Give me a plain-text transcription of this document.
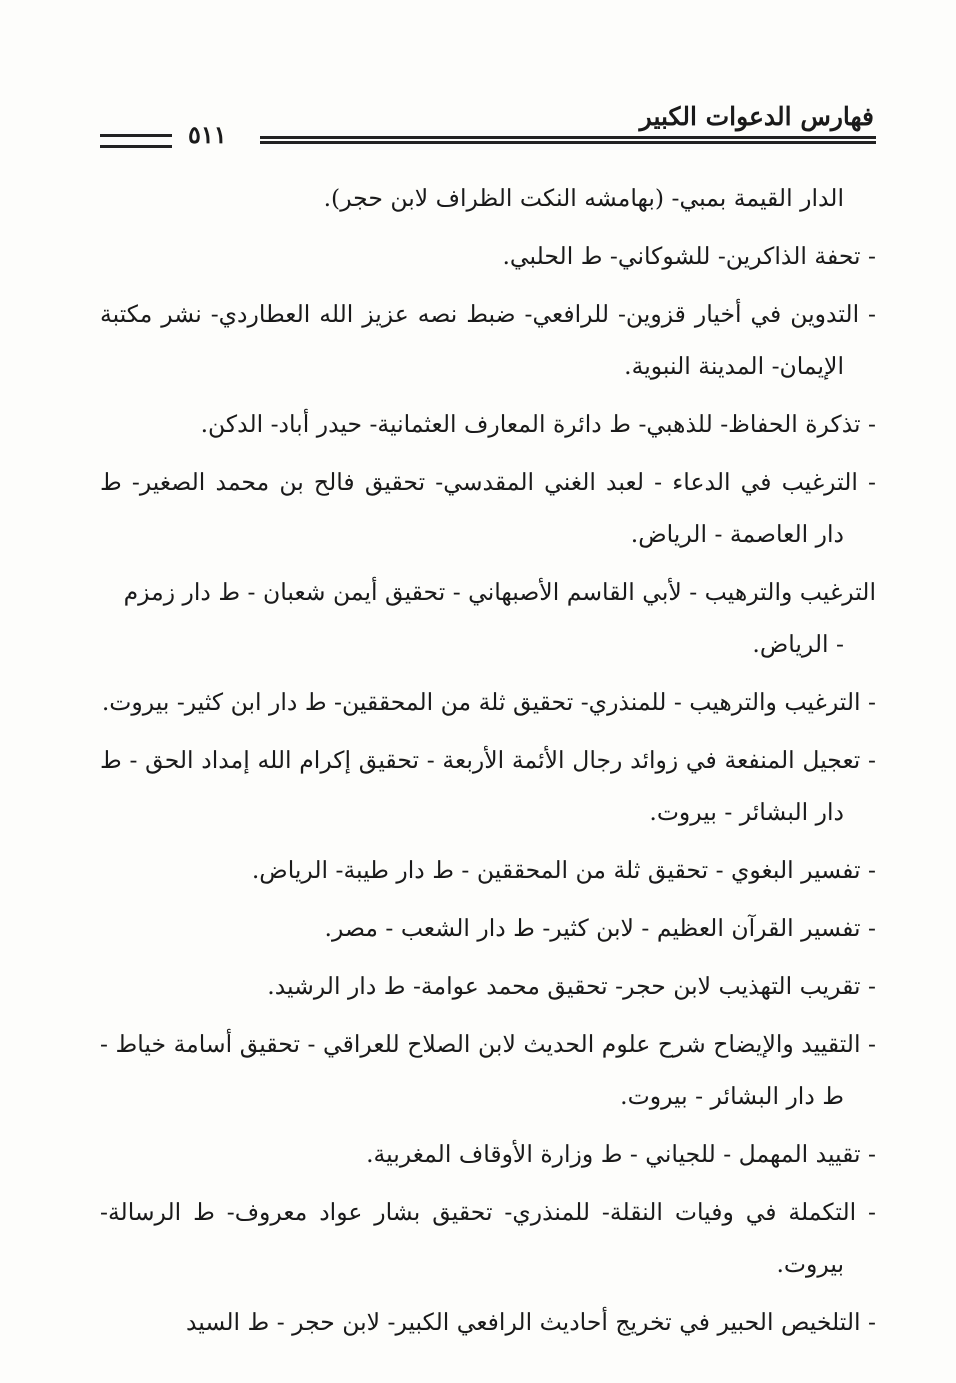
فهارس الدعوات الكبير
٥١١

الدار القيمة بمبي- (بهامشه النكت الظراف لابن حجر).

- تحفة الذاكرين- للشوكاني- ط الحلبي.

- التدوين في أخيار قزوين- للرافعي- ضبط نصه عزيز الله العطاردي- نشر مكتبة الإيمان- المدينة النبوية.

- تذكرة الحفاظ- للذهبي- ط دائرة المعارف العثمانية- حيدر أباد- الدكن.

- الترغيب في الدعاء - لعبد الغني المقدسي- تحقيق فالح بن محمد الصغير- ط دار العاصمة - الرياض.

الترغيب والترهيب - لأبي القاسم الأصبهاني - تحقيق أيمن شعبان - ط دار زمزم
- الرياض.

- الترغيب والترهيب - للمنذري- تحقيق ثلة من المحققين- ط دار ابن كثير- بيروت.

- تعجيل المنفعة في زوائد رجال الأئمة الأربعة - تحقيق إكرام الله إمداد الحق - ط دار البشائر - بيروت.

- تفسير البغوي - تحقيق ثلة من المحققين - ط دار طيبة- الرياض.

- تفسير القرآن العظيم - لابن كثير- ط دار الشعب - مصر.

- تقريب التهذيب لابن حجر- تحقيق محمد عوامة- ط دار الرشيد.

- التقييد والإيضاح شرح علوم الحديث لابن الصلاح للعراقي - تحقيق أسامة خياط - ط دار البشائر - بيروت.

- تقييد المهمل - للجياني - ط وزارة الأوقاف المغربية.

- التكملة في وفيات النقلة- للمنذري- تحقيق بشار عواد معروف- ط الرسالة- بيروت.

- التلخيص الحبير في تخريج أحاديث الرافعي الكبير- لابن حجر - ط السيد
